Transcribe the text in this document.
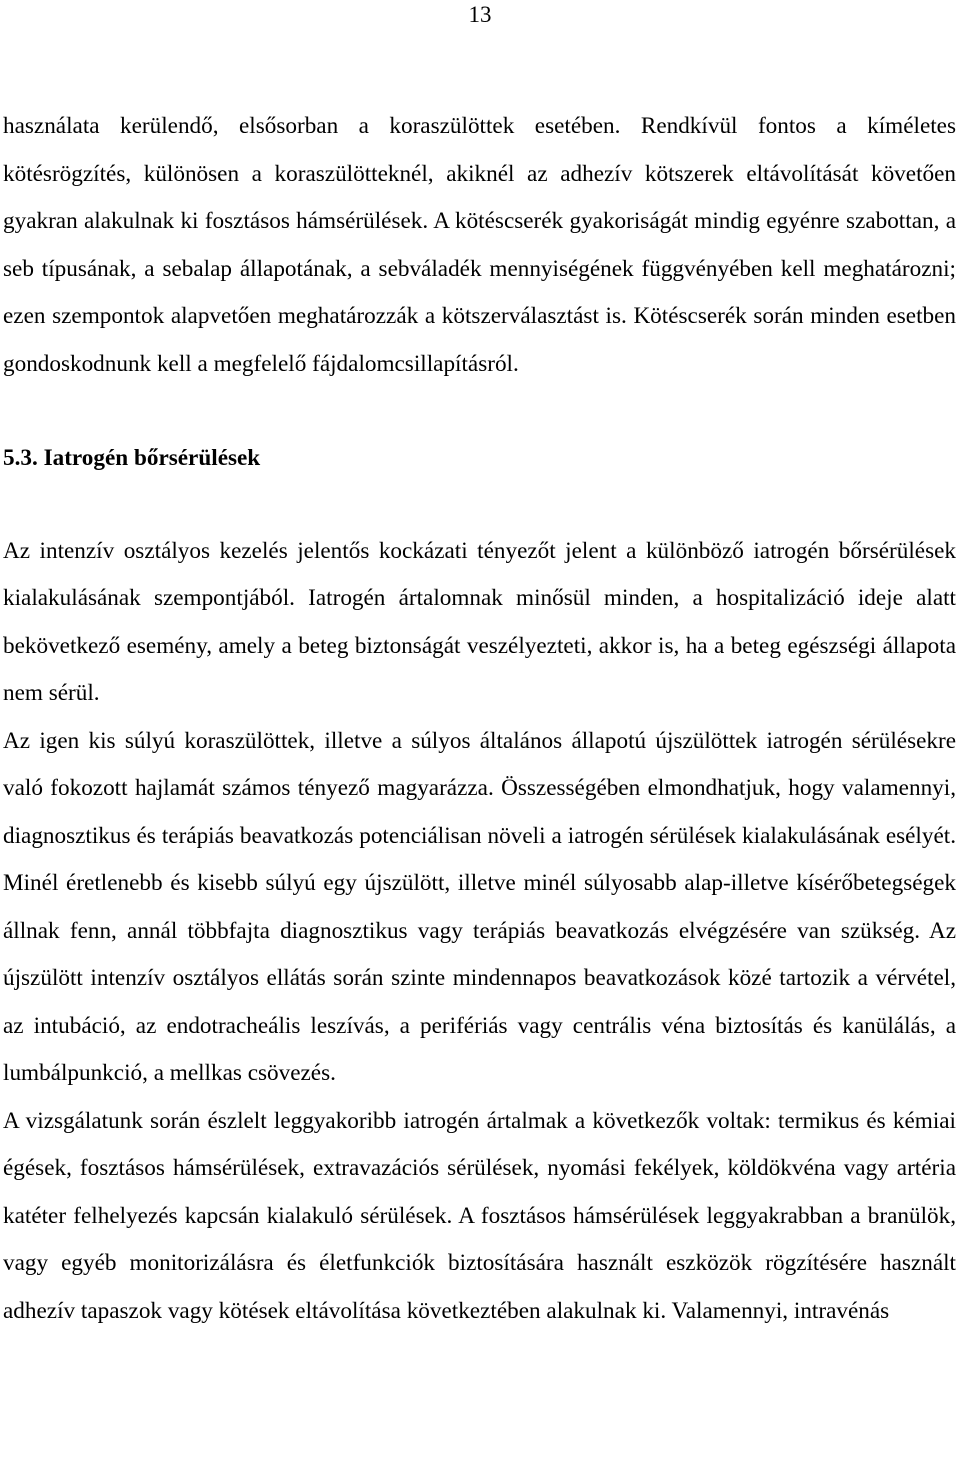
13

használata kerülendő, elsősorban a koraszülöttek esetében. Rendkívül fontos a kíméletes kötésrögzítés, különösen a koraszülötteknél, akiknél az adhezív kötszerek eltávolítását követően gyakran alakulnak ki fosztásos hámsérülések. A kötéscserék gyakoriságát mindig egyénre szabottan, a seb típusának, a sebalap állapotának, a sebváladék mennyiségének függvényében kell meghatározni; ezen szempontok alapvetően meghatározzák a kötszerválasztást is. Kötéscserék során minden esetben gondoskodnunk kell a megfelelő fájdalomcsillapításról.

5.3. Iatrogén bőrsérülések

Az intenzív osztályos kezelés jelentős kockázati tényezőt jelent a különböző iatrogén bőrsérülések kialakulásának szempontjából. Iatrogén ártalomnak minősül minden, a hospitalizáció ideje alatt bekövetkező esemény, amely a beteg biztonságát veszélyezteti, akkor is, ha a beteg egészségi állapota nem sérül.

Az igen kis súlyú koraszülöttek, illetve a súlyos általános állapotú újszülöttek iatrogén sérülésekre való fokozott hajlamát számos tényező magyarázza. Összességében elmondhatjuk, hogy valamennyi, diagnosztikus és terápiás beavatkozás potenciálisan növeli a iatrogén sérülések kialakulásának esélyét. Minél éretlenebb és kisebb súlyú egy újszülött, illetve minél súlyosabb alap-illetve kísérőbetegségek állnak fenn, annál többfajta diagnosztikus vagy terápiás beavatkozás elvégzésére van szükség. Az újszülött intenzív osztályos ellátás során szinte mindennapos beavatkozások közé tartozik a vérvétel, az intubáció, az endotracheális leszívás, a perifériás vagy centrális véna biztosítás és kanülálás, a lumbálpunkció, a mellkas csövezés.

A vizsgálatunk során észlelt leggyakoribb iatrogén ártalmak a következők voltak: termikus és kémiai égések, fosztásos hámsérülések, extravazációs sérülések, nyomási fekélyek, köldökvéna vagy artéria katéter felhelyezés kapcsán kialakuló sérülések. A fosztásos hámsérülések leggyakrabban a branülök, vagy egyéb monitorizálásra és életfunkciók biztosítására használt eszközök rögzítésére használt adhezív tapaszok vagy kötések eltávolítása következtében alakulnak ki. Valamennyi, intravénás
